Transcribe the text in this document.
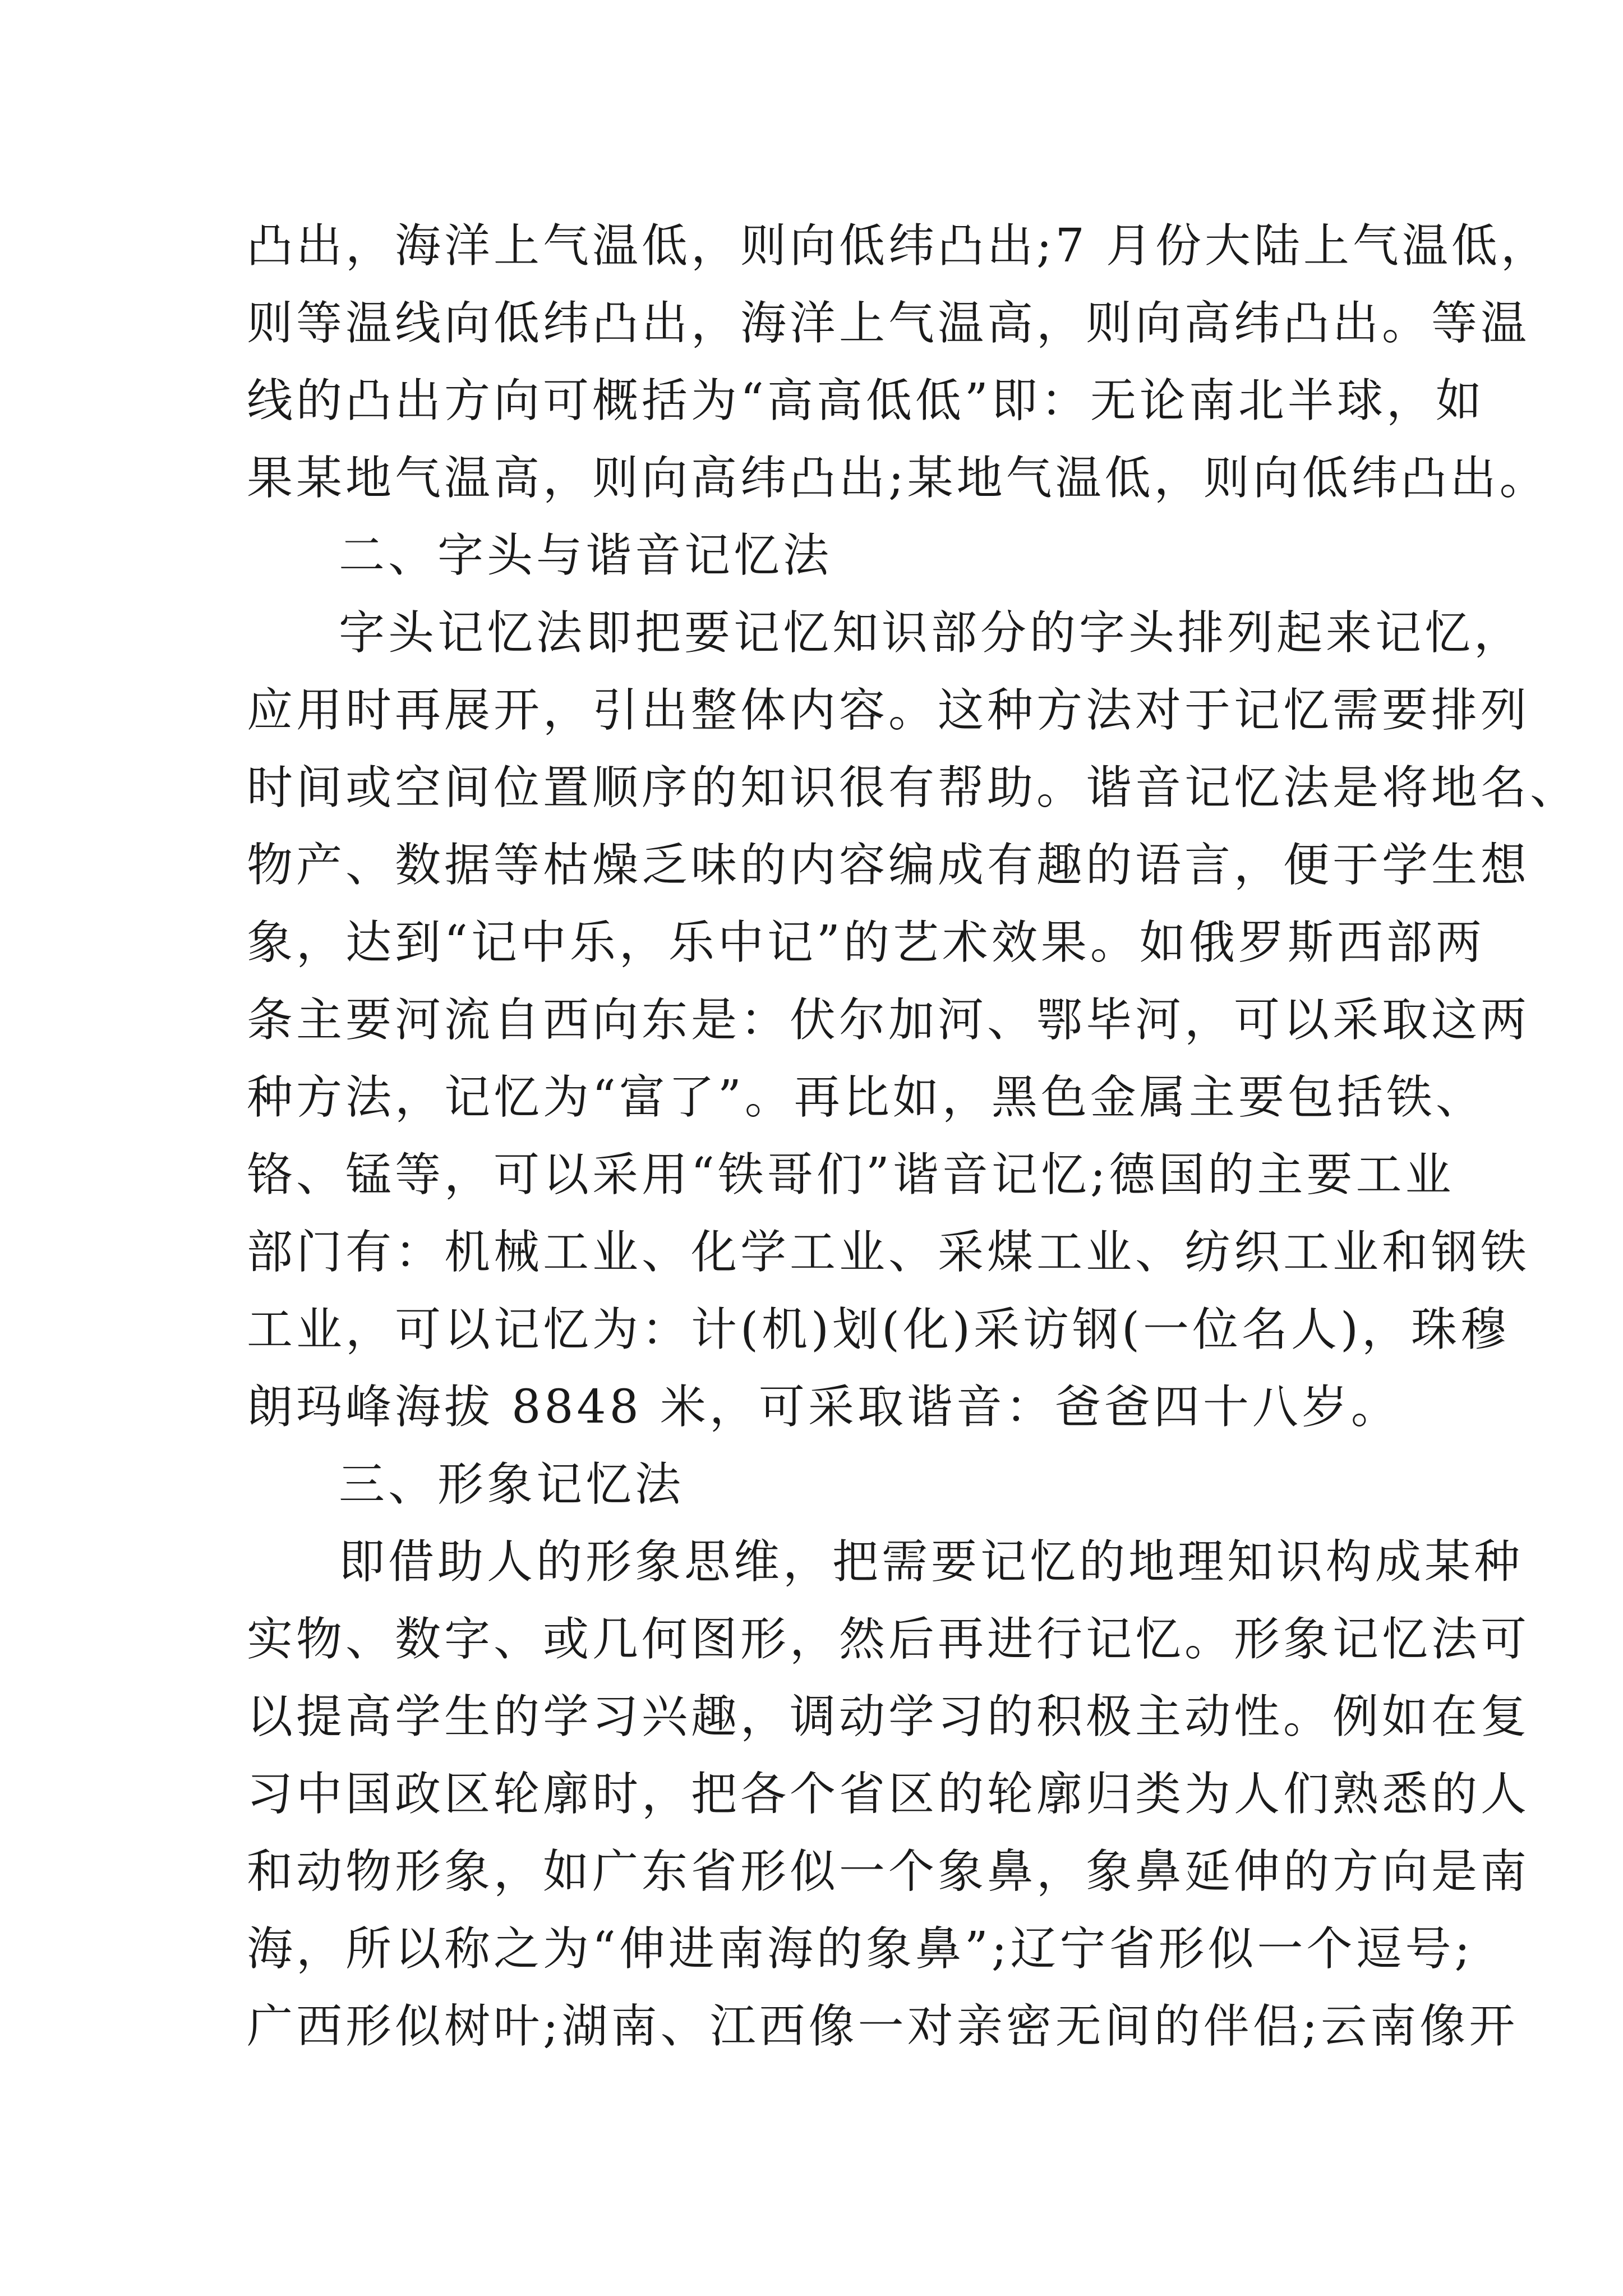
凸出，海洋上气温低，则向低纬凸出;7 月份大陆上气温低，
则等温线向低纬凸出，海洋上气温高，则向高纬凸出。等温
线的凸出方向可概括为“高高低低”即：无论南北半球，如
果某地气温高，则向高纬凸出;某地气温低，则向低纬凸出。
二、字头与谐音记忆法
字头记忆法即把要记忆知识部分的字头排列起来记忆，
应用时再展开，引出整体内容。这种方法对于记忆需要排列
时间或空间位置顺序的知识很有帮助。谐音记忆法是将地名、
物产、数据等枯燥乏味的内容编成有趣的语言，便于学生想
象，达到“记中乐，乐中记”的艺术效果。如俄罗斯西部两
条主要河流自西向东是：伏尔加河、鄂毕河，可以采取这两
种方法，记忆为“富了”。再比如，黑色金属主要包括铁、
铬、锰等，可以采用“铁哥们”谐音记忆;德国的主要工业
部门有：机械工业、化学工业、采煤工业、纺织工业和钢铁
工业，可以记忆为：计(机)划(化)采访钢(一位名人)，珠穆
朗玛峰海拔 8848 米，可采取谐音：爸爸四十八岁。
三、形象记忆法
即借助人的形象思维，把需要记忆的地理知识构成某种
实物、数字、或几何图形，然后再进行记忆。形象记忆法可
以提高学生的学习兴趣，调动学习的积极主动性。例如在复
习中国政区轮廓时，把各个省区的轮廓归类为人们熟悉的人
和动物形象，如广东省形似一个象鼻，象鼻延伸的方向是南
海，所以称之为“伸进南海的象鼻”;辽宁省形似一个逗号;
广西形似树叶;湖南、江西像一对亲密无间的伴侣;云南像开
